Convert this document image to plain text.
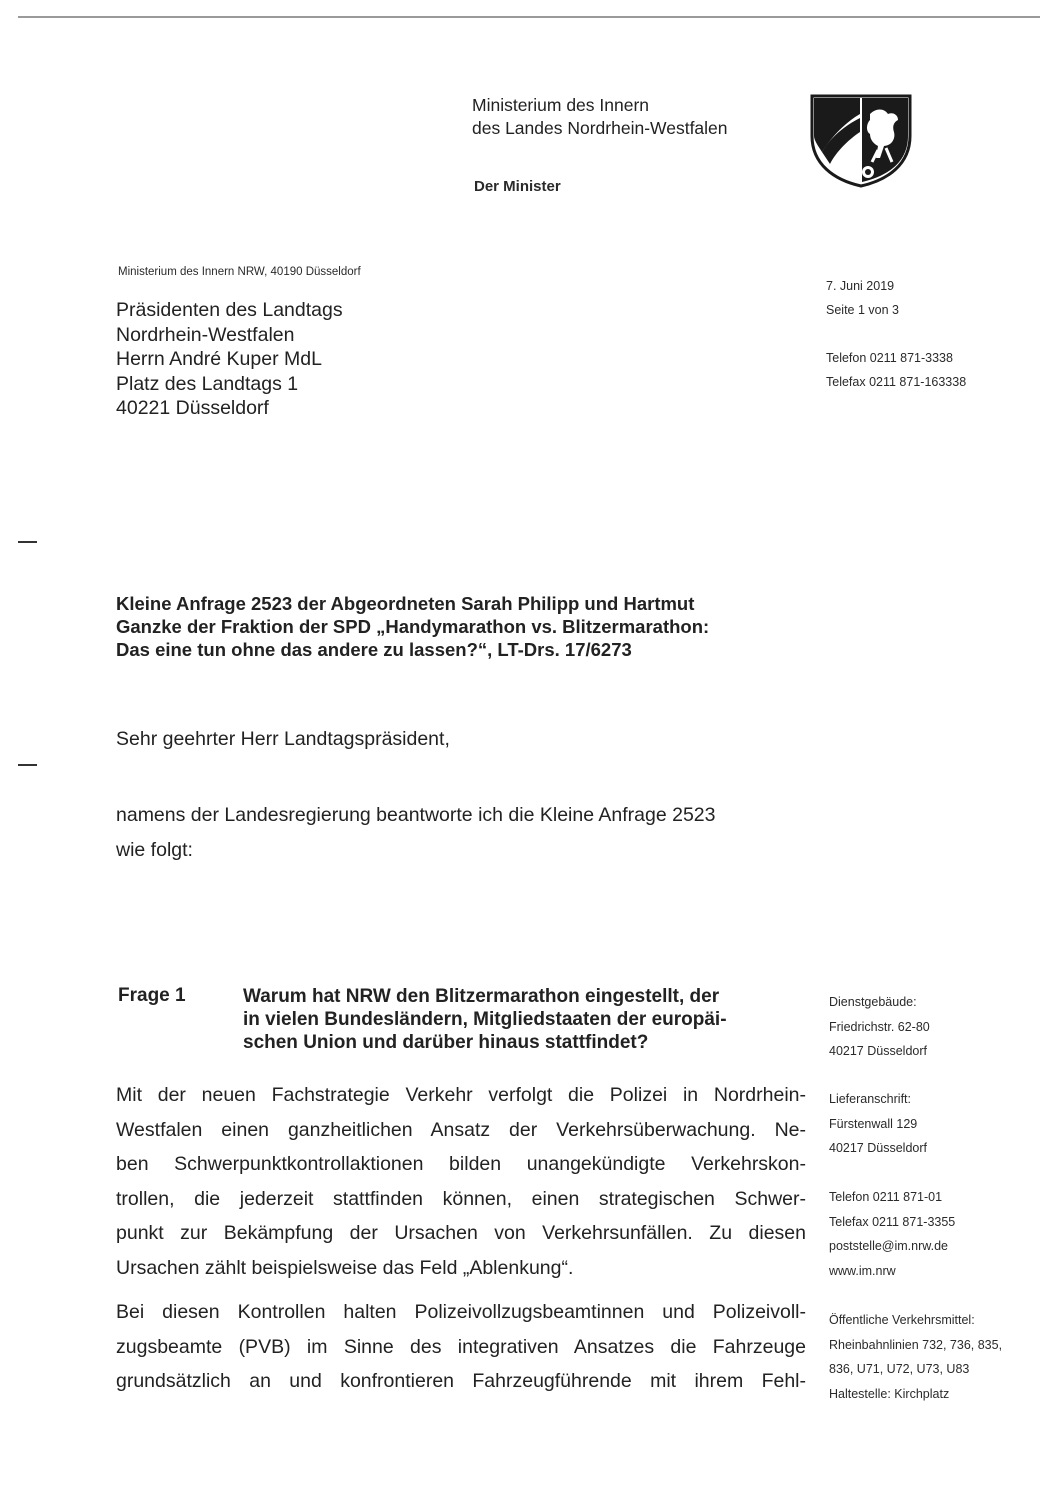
Ministerium des Innern
des Landes Nordrhein-Westfalen
Der Minister
Ministerium des Innern NRW, 40190 Düsseldorf
Präsidenten des Landtags
Nordrhein-Westfalen
Herrn André Kuper MdL
Platz des Landtags 1
40221 Düsseldorf
7. Juni 2019
Seite 1 von 3
Telefon 0211 871-3338
Telefax 0211 871-163338
Kleine Anfrage 2523 der Abgeordneten Sarah Philipp und Hartmut
Ganzke der Fraktion der SPD „Handymarathon vs. Blitzermarathon:
Das eine tun ohne das andere zu lassen?“, LT-Drs. 17/6273
Sehr geehrter Herr Landtagspräsident,
namens der Landesregierung beantworte ich die Kleine Anfrage 2523
wie folgt:
Frage 1	Warum hat NRW den Blitzermarathon eingestellt, der
in vielen Bundesländern, Mitgliedstaaten der europäi-
schen Union und darüber hinaus stattfindet?
Mit der neuen Fachstrategie Verkehr verfolgt die Polizei in Nordrhein-
Westfalen einen ganzheitlichen Ansatz der Verkehrsüberwachung. Ne-
ben Schwerpunktkontrollaktionen bilden unangekündigte Verkehrskon-
trollen, die jederzeit stattfinden können, einen strategischen Schwer-
punkt zur Bekämpfung der Ursachen von Verkehrsunfällen. Zu diesen
Ursachen zählt beispielsweise das Feld „Ablenkung“.
Bei diesen Kontrollen halten Polizeivollzugsbeamtinnen und Polizeivoll-
zugsbeamte (PVB) im Sinne des integrativen Ansatzes die Fahrzeuge
grundsätzlich an und konfrontieren Fahrzeugführende mit ihrem Fehl-
Dienstgebäude:
Friedrichstr. 62-80
40217 Düsseldorf
Lieferanschrift:
Fürstenwall 129
40217 Düsseldorf
Telefon 0211 871-01
Telefax 0211 871-3355
poststelle@im.nrw.de
www.im.nrw
Öffentliche Verkehrsmittel:
Rheinbahnlinien 732, 736, 835,
836, U71, U72, U73, U83
Haltestelle: Kirchplatz
